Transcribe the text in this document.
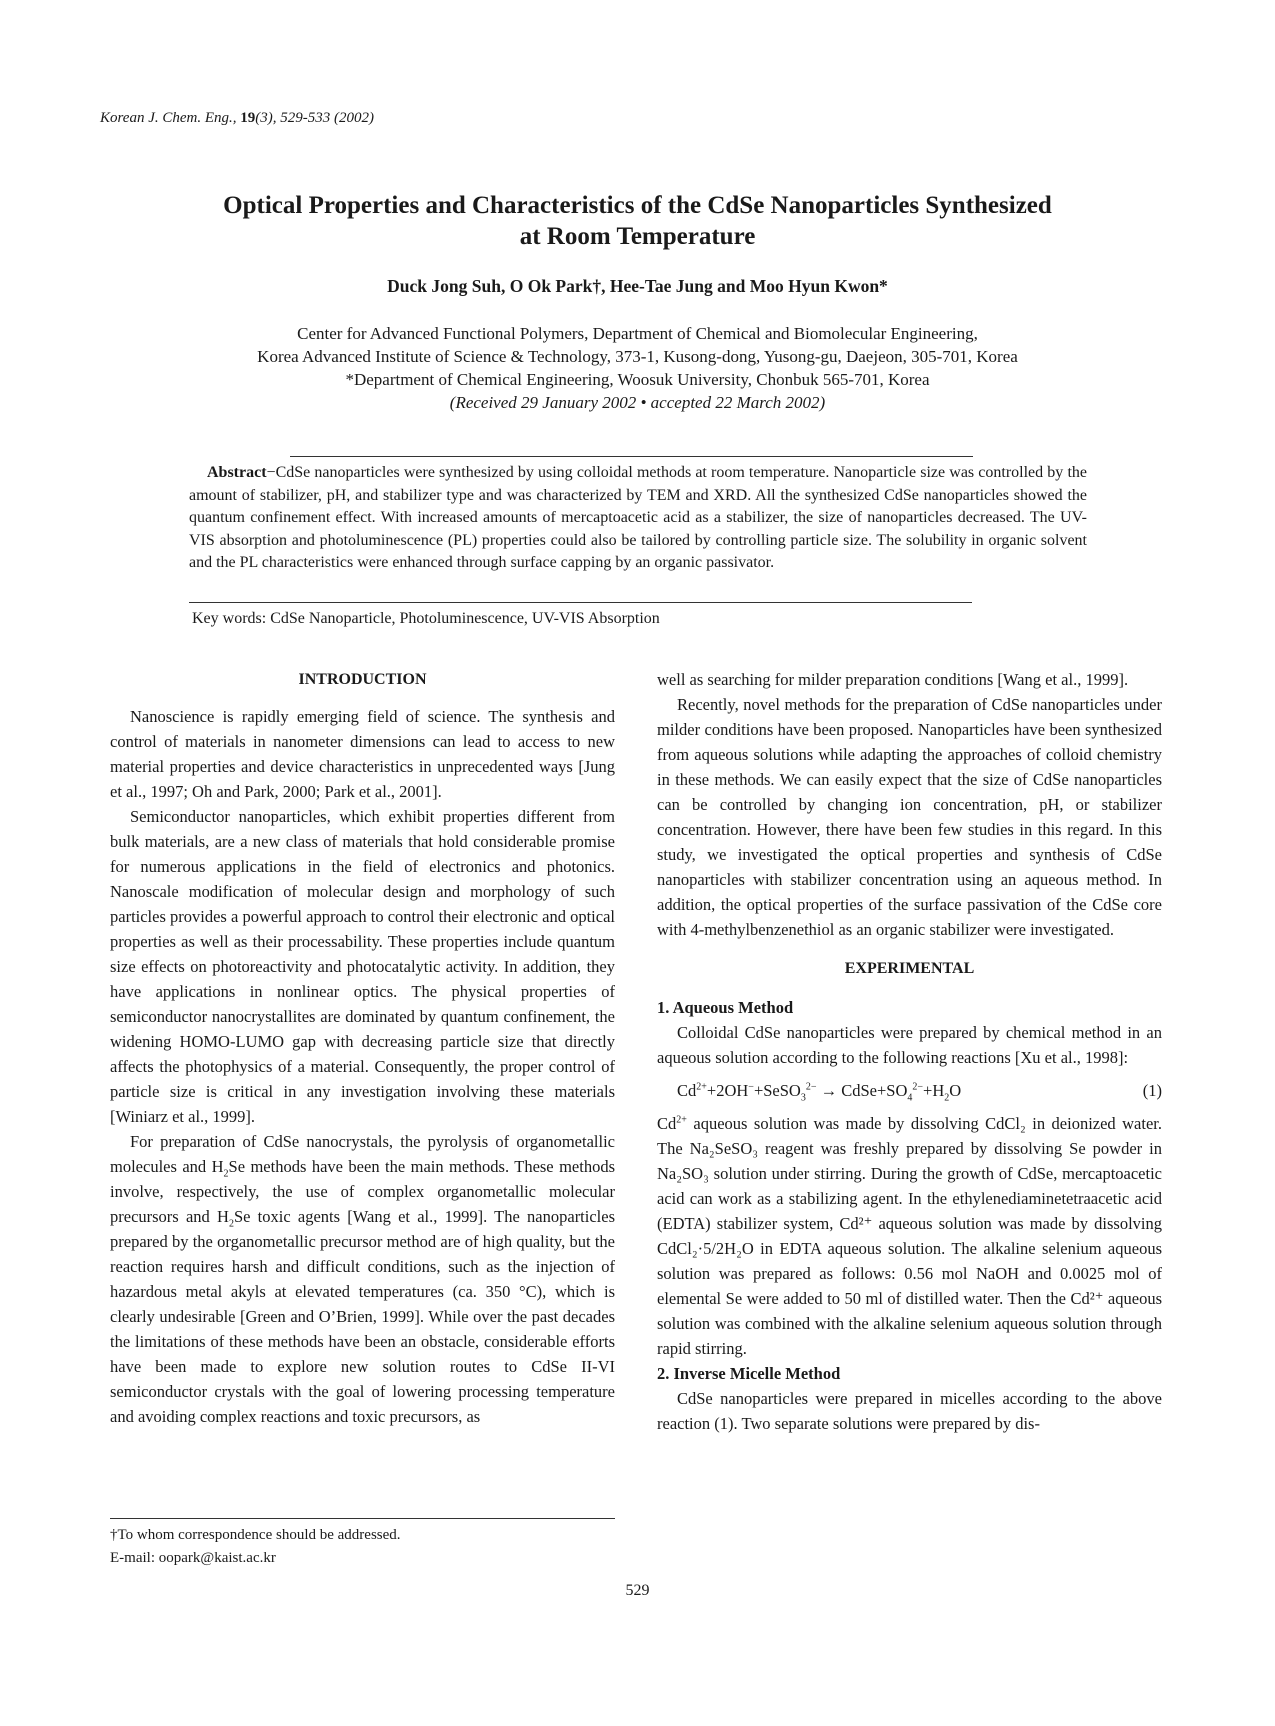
Korean J. Chem. Eng., 19(3), 529-533 (2002)
Optical Properties and Characteristics of the CdSe Nanoparticles Synthesized
at Room Temperature
Duck Jong Suh, O Ok Park†, Hee-Tae Jung and Moo Hyun Kwon*
Center for Advanced Functional Polymers, Department of Chemical and Biomolecular Engineering,
Korea Advanced Institute of Science & Technology, 373-1, Kusong-dong, Yusong-gu, Daejeon, 305-701, Korea
*Department of Chemical Engineering, Woosuk University, Chonbuk 565-701, Korea
(Received 29 January 2002 • accepted 22 March 2002)
Abstract−CdSe nanoparticles were synthesized by using colloidal methods at room temperature. Nanoparticle size was controlled by the amount of stabilizer, pH, and stabilizer type and was characterized by TEM and XRD. All the synthesized CdSe nanoparticles showed the quantum confinement effect. With increased amounts of mercaptoacetic acid as a stabilizer, the size of nanoparticles decreased. The UV-VIS absorption and photoluminescence (PL) properties could also be tailored by controlling particle size. The solubility in organic solvent and the PL characteristics were enhanced through surface capping by an organic passivator.
Key words: CdSe Nanoparticle, Photoluminescence, UV-VIS Absorption

INTRODUCTION

Nanoscience is rapidly emerging field of science. The synthesis and control of materials in nanometer dimensions can lead to access to new material properties and device characteristics in unprecedented ways [Jung et al., 1997; Oh and Park, 2000; Park et al., 2001].

Semiconductor nanoparticles, which exhibit properties different from bulk materials, are a new class of materials that hold considerable promise for numerous applications in the field of electronics and photonics. Nanoscale modification of molecular design and morphology of such particles provides a powerful approach to control their electronic and optical properties as well as their processability. These properties include quantum size effects on photoreactivity and photocatalytic activity. In addition, they have applications in nonlinear optics. The physical properties of semiconductor nanocrystallites are dominated by quantum confinement, the widening HOMO-LUMO gap with decreasing particle size that directly affects the photophysics of a material. Consequently, the proper control of particle size is critical in any investigation involving these materials [Winiarz et al., 1999].

For preparation of CdSe nanocrystals, the pyrolysis of organometallic molecules and $H_2Se$ methods have been the main methods. These methods involve, respectively, the use of complex organometallic molecular precursors and $H_2Se$ toxic agents [Wang et al., 1999]. The nanoparticles prepared by the organometallic precursor method are of high quality, but the reaction requires harsh and difficult conditions, such as the injection of hazardous metal akyls at elevated temperatures (ca. 350 °C), which is clearly undesirable [Green and O’Brien, 1999]. While over the past decades the limitations of these methods have been an obstacle, considerable efforts have been made to explore new solution routes to CdSe II-VI semiconductor crystals with the goal of lowering processing temperature and avoiding complex reactions and toxic precursors, as

well as searching for milder preparation conditions [Wang et al., 1999].

Recently, novel methods for the preparation of CdSe nanoparticles under milder conditions have been proposed. Nanoparticles have been synthesized from aqueous solutions while adapting the approaches of colloid chemistry in these methods. We can easily expect that the size of CdSe nanoparticles can be controlled by changing ion concentration, pH, or stabilizer concentration. However, there have been few studies in this regard. In this study, we investigated the optical properties and synthesis of CdSe nanoparticles with stabilizer concentration using an aqueous method. In addition, the optical properties of the surface passivation of the CdSe core with 4-methylbenzenethiol as an organic stabilizer were investigated.

EXPERIMENTAL

1. Aqueous Method

Colloidal CdSe nanoparticles were prepared by chemical method in an aqueous solution according to the following reactions [Xu et al., 1998]:

$Cd^{2+}+2OH^-+SeSO_3^{2-}$ → $CdSe+SO_4^{2-}+H_2O$	(1)

$Cd^{2+}$ aqueous solution was made by dissolving CdCl₂ in deionized water. The Na₂SeSO₃ reagent was freshly prepared by dissolving Se powder in Na₂SO₃ solution under stirring. During the growth of CdSe, mercaptoacetic acid can work as a stabilizing agent. In the ethylenediaminetetraacetic acid (EDTA) stabilizer system, Cd²⁺ aqueous solution was made by dissolving CdCl₂·5/2H₂O in EDTA aqueous solution. The alkaline selenium aqueous solution was prepared as follows: 0.56 mol NaOH and 0.0025 mol of elemental Se were added to 50 ml of distilled water. Then the Cd²⁺ aqueous solution was combined with the alkaline selenium aqueous solution through rapid stirring.

2. Inverse Micelle Method

CdSe nanoparticles were prepared in micelles according to the above reaction (1). Two separate solutions were prepared by dis-

†To whom correspondence should be addressed.
E-mail: oopark@kaist.ac.kr
529
